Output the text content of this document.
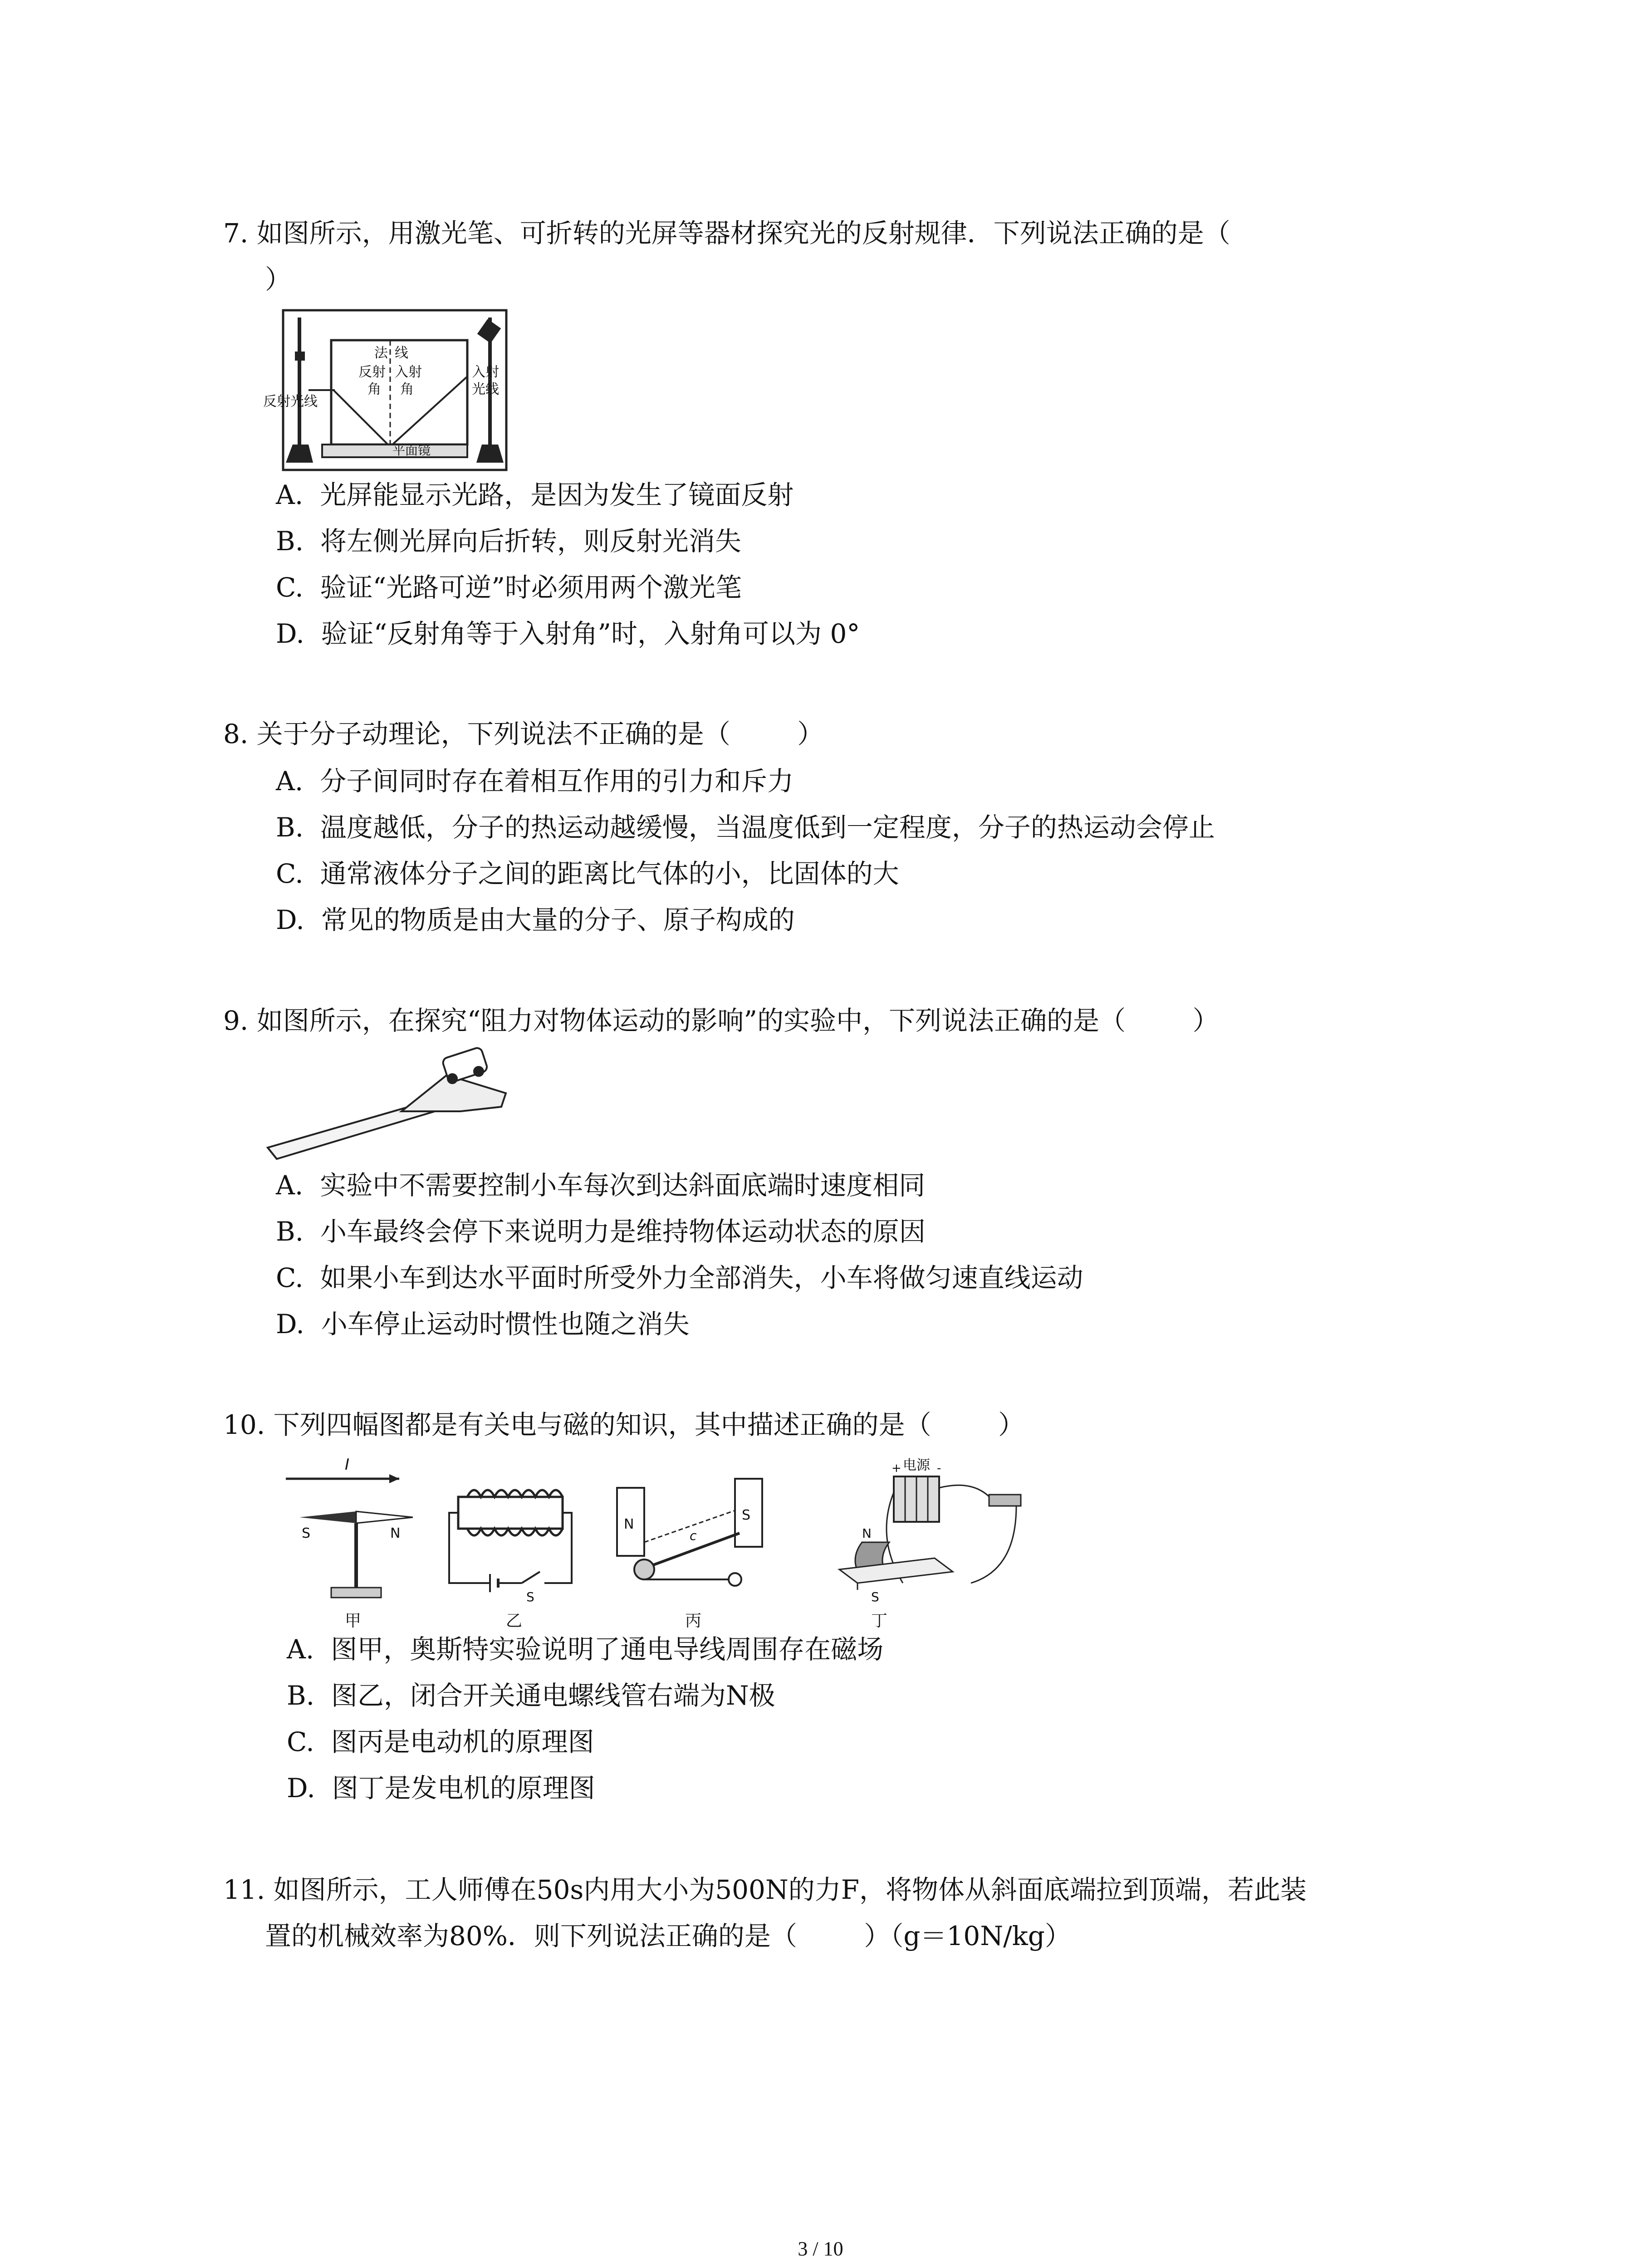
7. 如图所示，用激光笔、可折转的光屏等器材探究光的反射规律．下列说法正确的是（
）
法 线
反射
角
入射
角
反射光线
入射
光线
平面镜
A.  光屏能显示光路，是因为发生了镜面反射
B.  将左侧光屏向后折转，则反射光消失
C.  验证“光路可逆”时必须用两个激光笔
D.  验证“反射角等于入射角”时，入射角可以为 0°
8. 关于分子动理论，下列说法不正确的是（        ）
A.  分子间同时存在着相互作用的引力和斥力
B.  温度越低，分子的热运动越缓慢，当温度低到一定程度，分子的热运动会停止
C.  通常液体分子之间的距离比气体的小，比固体的大
D.  常见的物质是由大量的分子、原子构成的
9. 如图所示，在探究“阻力对物体运动的影响”的实验中，下列说法正确的是（        ）
A.  实验中不需要控制小车每次到达斜面底端时速度相同
B.  小车最终会停下来说明力是维持物体运动状态的原因
C.  如果小车到达水平面时所受外力全部消失，小车将做匀速直线运动
D.  小车停止运动时惯性也随之消失
10. 下列四幅图都是有关电与磁的知识，其中描述正确的是（        ）
I
S	N
甲
S
乙
N
S
c
丙
电源
+	-
N
S
丁
A.  图甲，奥斯特实验说明了通电导线周围存在磁场
B.  图乙，闭合开关通电螺线管右端为N极
C.  图丙是电动机的原理图
D.  图丁是发电机的原理图
11. 如图所示，工人师傅在50s内用大小为500N的力F，将物体从斜面底端拉到顶端，若此装
置的机械效率为80%．则下列说法正确的是（        ）（g＝10N/kg）
3 / 10
